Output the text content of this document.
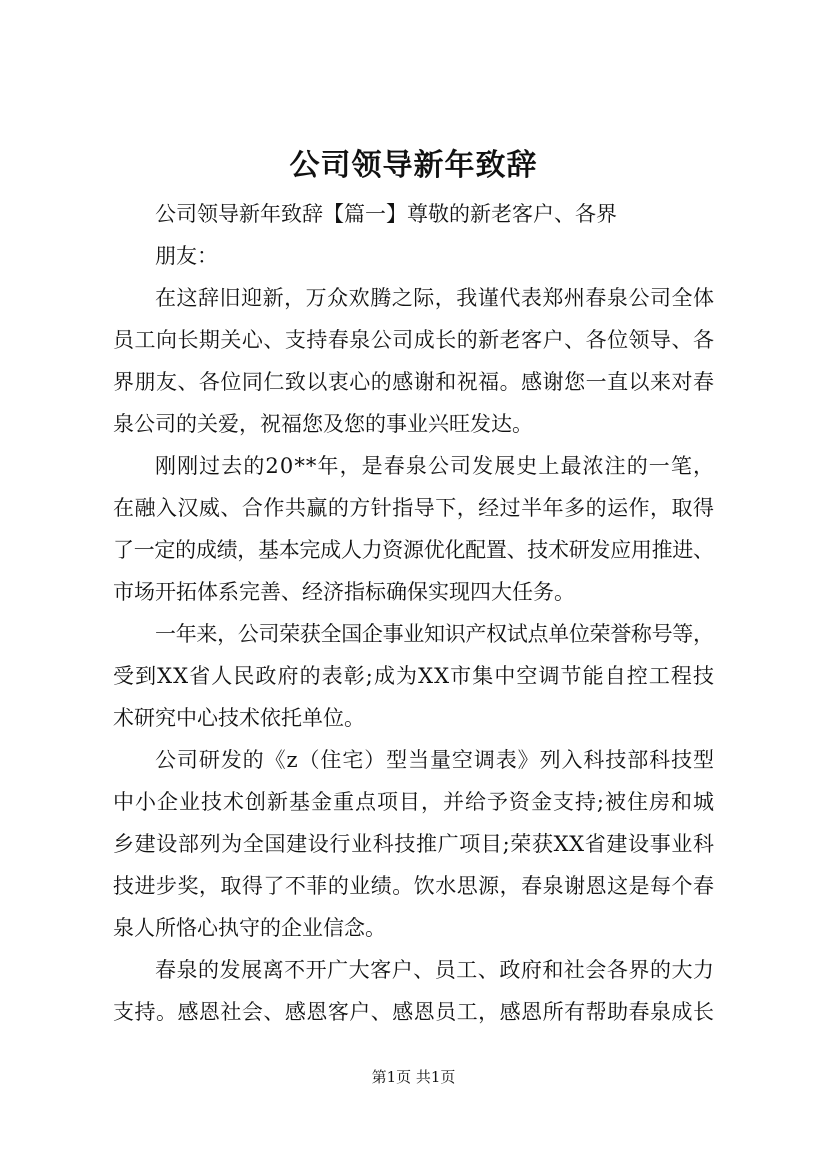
公司领导新年致辞
公司领导新年致辞【篇一】尊敬的新老客户、各界
朋友：
在这辞旧迎新，万众欢腾之际，我谨代表郑州春泉公司全体
员工向长期关心、支持春泉公司成长的新老客户、各位领导、各
界朋友、各位同仁致以衷心的感谢和祝福。感谢您一直以来对春
泉公司的关爱，祝福您及您的事业兴旺发达。
刚刚过去的20**年，是春泉公司发展史上最浓注的一笔，
在融入汉威、合作共赢的方针指导下，经过半年多的运作，取得
了一定的成绩，基本完成人力资源优化配置、技术研发应用推进、
市场开拓体系完善、经济指标确保实现四大任务。
一年来，公司荣获全国企事业知识产权试点单位荣誉称号等，
受到XX省人民政府的表彰;成为XX市集中空调节能自控工程技
术研究中心技术依托单位。
公司研发的《z（住宅）型当量空调表》列入科技部科技型
中小企业技术创新基金重点项目，并给予资金支持;被住房和城
乡建设部列为全国建设行业科技推广项目;荣获XX省建设事业科
技进步奖，取得了不菲的业绩。饮水思源，春泉谢恩这是每个春
泉人所恪心执守的企业信念。
春泉的发展离不开广大客户、员工、政府和社会各界的大力
支持。感恩社会、感恩客户、感恩员工，感恩所有帮助春泉成长

第1页 共1页
